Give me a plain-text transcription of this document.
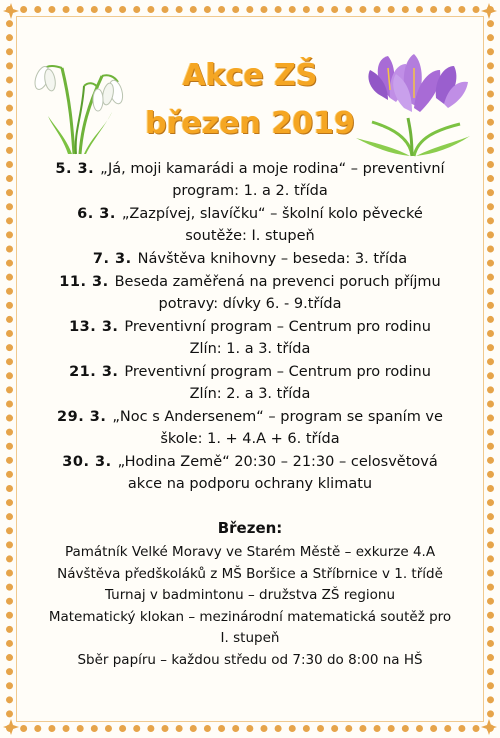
Akce ZŠ
březen 2019
5. 3. „Já, moji kamarádi a moje rodina“ – preventivní
program: 1. a 2. třída
6. 3. „Zazpívej, slavíčku“ – školní kolo pěvecké
soutěže: I. stupeň
7. 3. Návštěva knihovny – beseda: 3. třída
11. 3. Beseda zaměřená na prevenci poruch příjmu
potravy: dívky 6. - 9.třída
13. 3. Preventivní program – Centrum pro rodinu
Zlín: 1. a 3. třída
21. 3. Preventivní program – Centrum pro rodinu
Zlín: 2. a 3. třída
29. 3. „Noc s Andersenem“ – program se spaním ve
škole: 1. + 4.A + 6. třída
30. 3. „Hodina Země“ 20:30 – 21:30 – celosvětová
akce na podporu ochrany klimatu
Březen:
Památník Velké Moravy ve Starém Městě – exkurze 4.A
Návštěva předškoláků z MŠ Boršice a Stříbrnice v 1. třídě
Turnaj v badmintonu – družstva ZŠ regionu
Matematický klokan – mezinárodní matematická soutěž pro
I. stupeň
Sběr papíru – každou středu od 7:30 do 8:00 na HŠ
